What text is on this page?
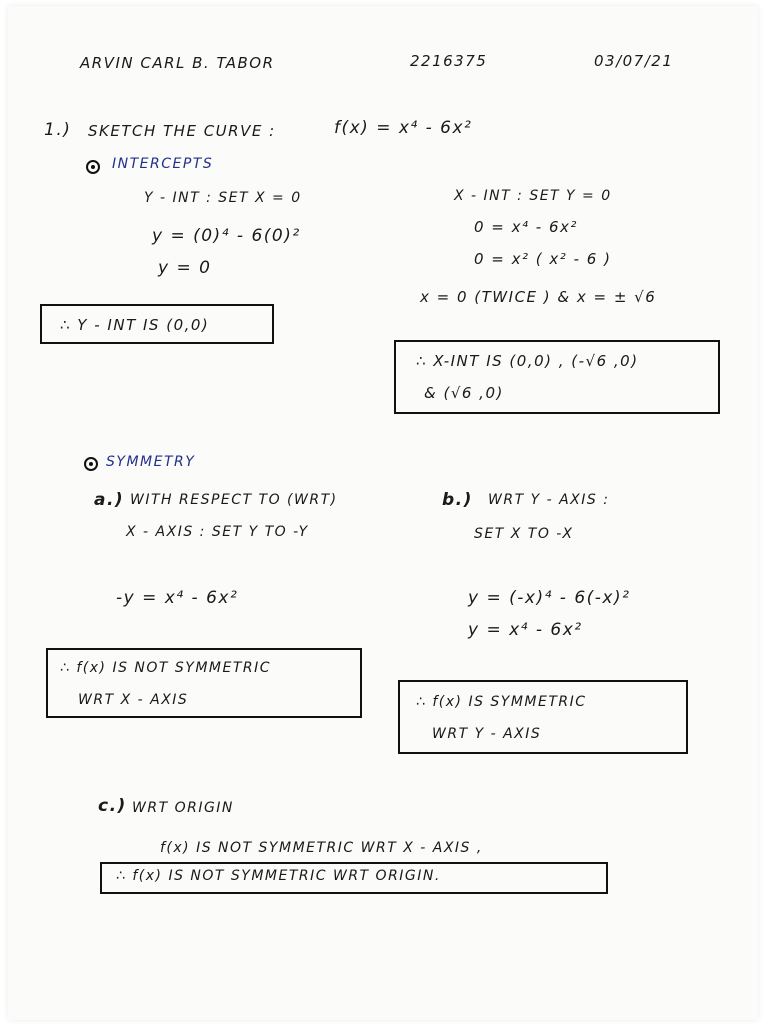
ARVIN CARL B. TABOR	2216375	03/07/21
1.) SKETCH THE CURVE :	f(x) = x⁴ - 6x²
INTERCEPTS
Y - INT : SET X = 0
y = (0)⁴ - 6(0)²
y = 0
X - INT : SET Y = 0
0 = x⁴ - 6x²
0 = x² ( x² - 6 )
x = 0 (TWICE ) & x = ± √6
∴ Y - INT IS (0,0)
∴ X-INT IS (0,0) , (-√6 ,0)
& (√6 ,0)
SYMMETRY
a.) WITH RESPECT TO (WRT)
X - AXIS : SET Y TO -Y
-y = x⁴ - 6x²
∴ f(x) IS NOT SYMMETRIC
WRT X - AXIS
b.) WRT Y - AXIS :
SET X TO -X
y = (-x)⁴ - 6(-x)²
y = x⁴ - 6x²
∴ f(x) IS SYMMETRIC
WRT Y - AXIS
c.) WRT ORIGIN
f(x) IS NOT SYMMETRIC WRT X - AXIS ,
∴ f(x) IS NOT SYMMETRIC WRT ORIGIN.
